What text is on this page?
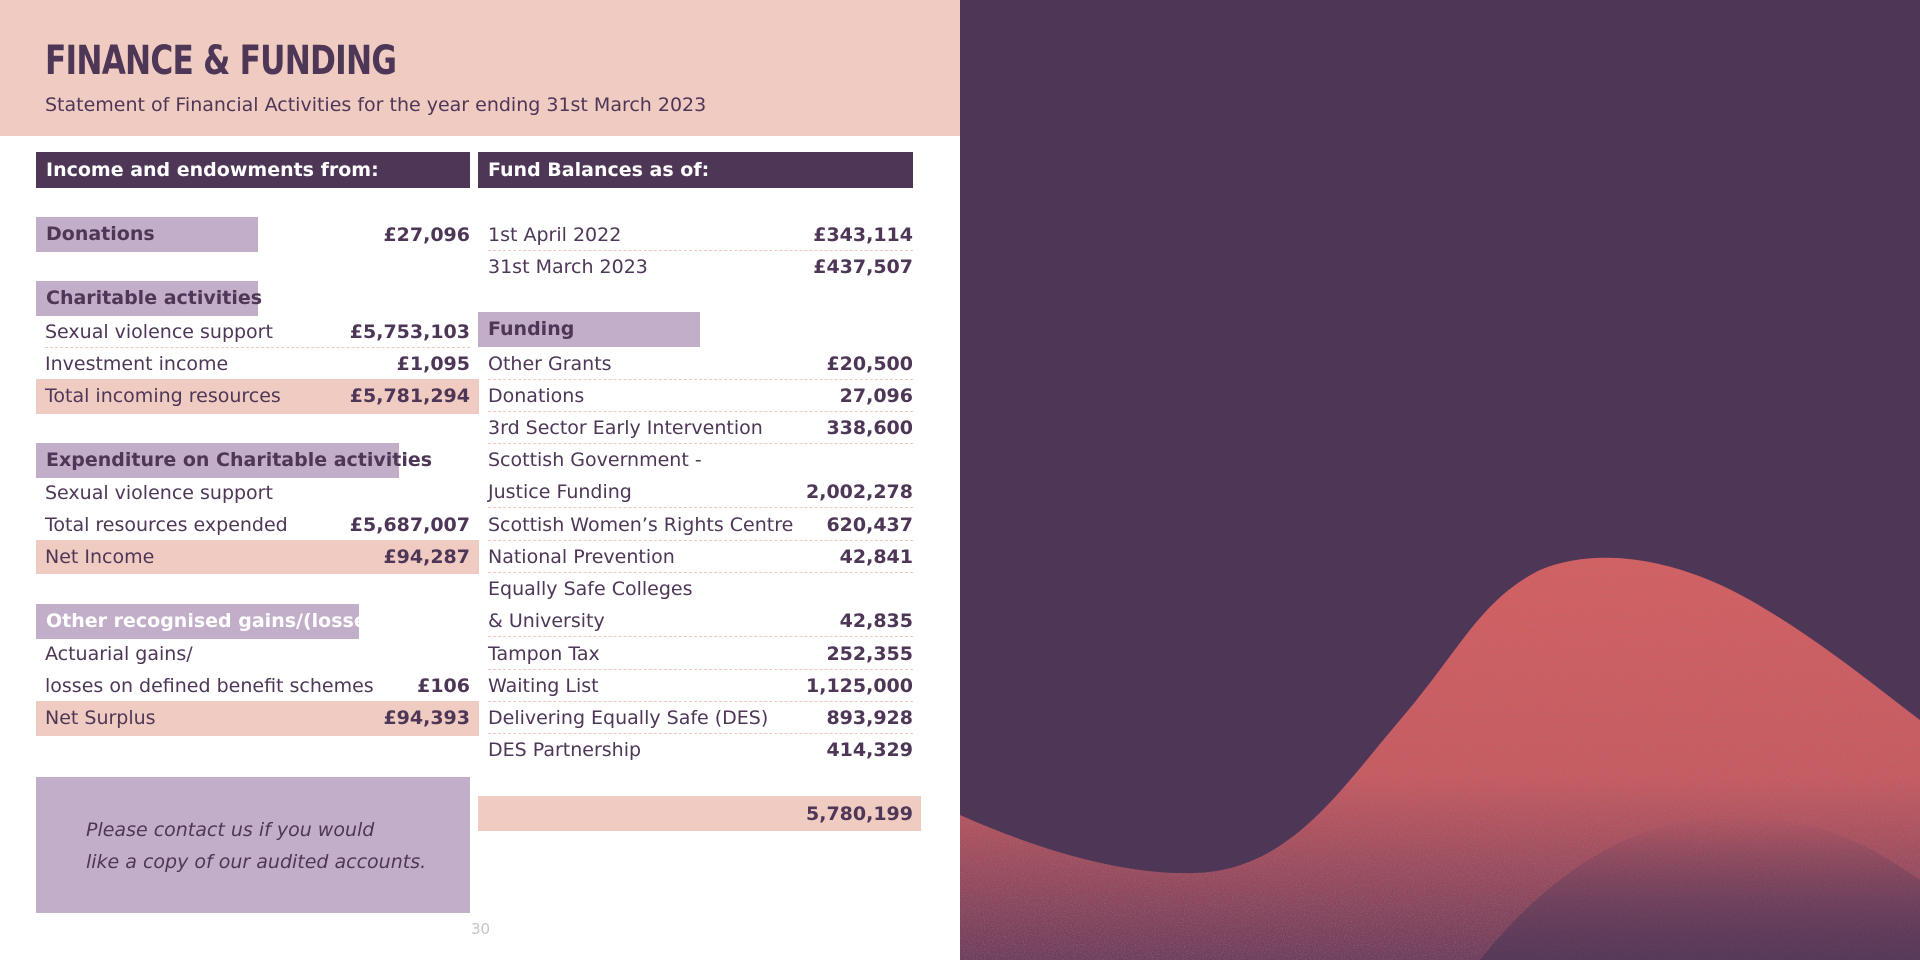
FINANCE & FUNDING
Statement of Financial Activities for the year ending 31st March 2023
Income and endowments from:
Donations	£27,096
Charitable activities
Sexual violence support	£5,753,103
Investment income	£1,095
Total incoming resources	£5,781,294
Expenditure on Charitable activities
Sexual violence support
Total resources expended	£5,687,007
Net Income	£94,287
Other recognised gains/(losses)
Actuarial gains/
losses on defined benefit schemes £106
Net Surplus	£94,393
Please contact us if you would
like a copy of our audited accounts.
Fund Balances as of:
1st April 2022	£343,114
31st March 2023	£437,507
Funding
Other Grants	£20,500
Donations	27,096
3rd Sector Early Intervention	338,600
Scottish Government -
Justice Funding	2,002,278
Scottish Women’s Rights Centre 620,437
National Prevention	42,841
Equally Safe Colleges
& University	42,835
Tampon Tax	252,355
Waiting List	1,125,000
Delivering Equally Safe (DES)	893,928
DES Partnership	414,329
5,780,199
30
